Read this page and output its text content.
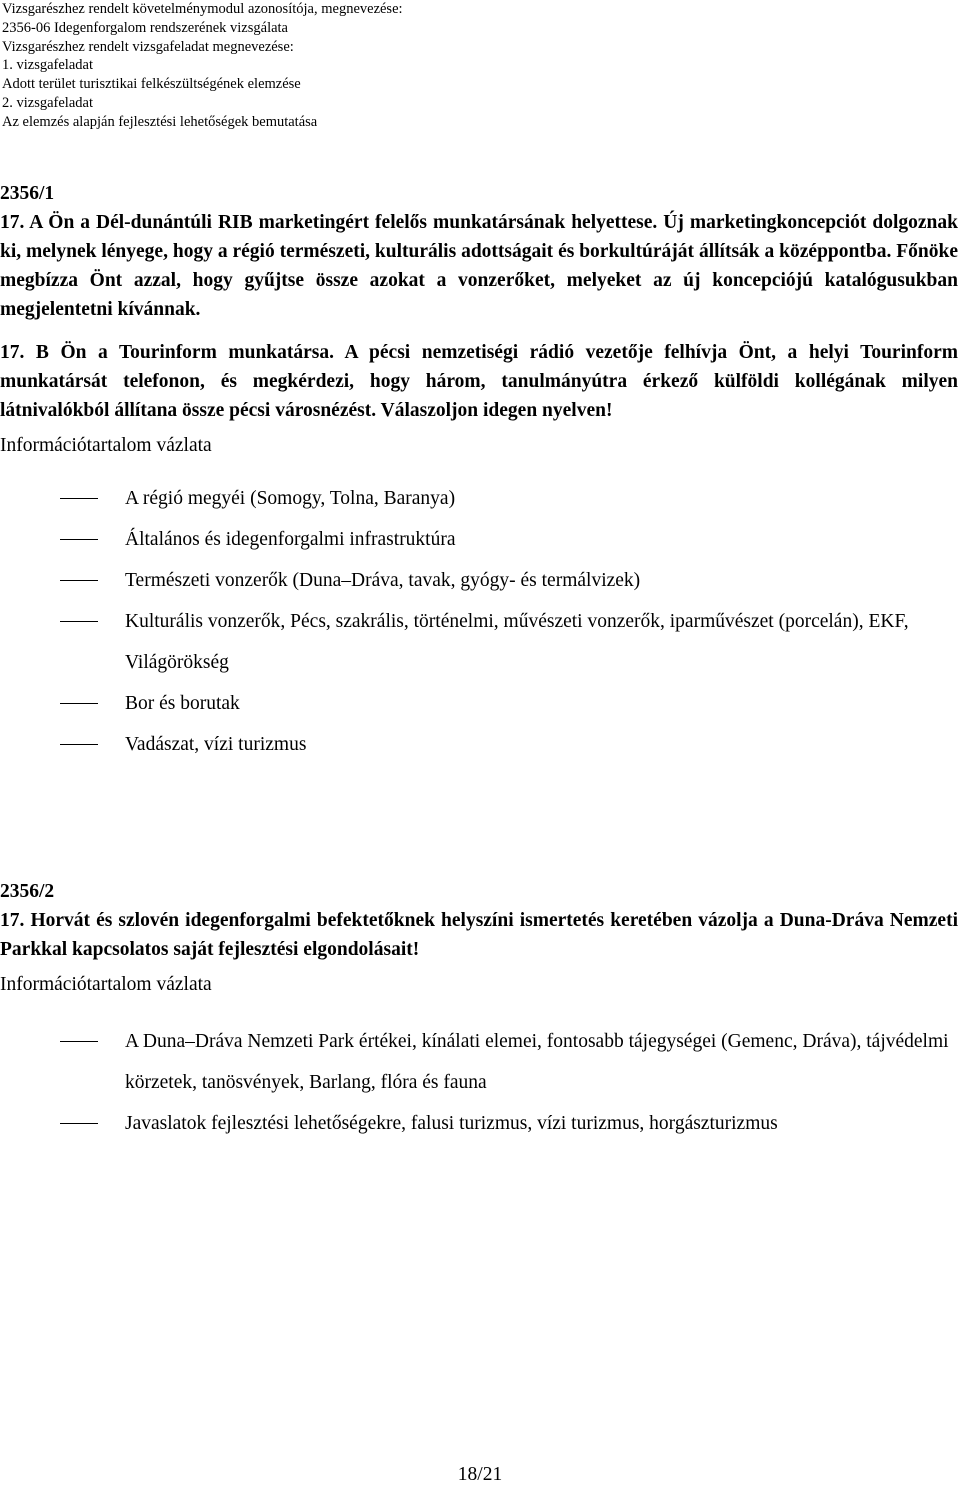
Vizsgarészhez rendelt követelménymodul azonosítója, megnevezése:
2356-06 Idegenforgalom rendszerének vizsgálata
Vizsgarészhez rendelt vizsgafeladat megnevezése:
1. vizsgafeladat
Adott terület turisztikai felkészültségének elemzése
2. vizsgafeladat
Az elemzés alapján fejlesztési lehetőségek bemutatása
2356/1

17. A Ön a Dél-dunántúli RIB marketingért felelős munkatársának helyettese. Új marketingkoncepciót dolgoznak ki, melynek lényege, hogy a régió természeti, kulturális adottságait és borkultúráját állítsák a középpontba. Főnöke megbízza Önt azzal, hogy gyűjtse össze azokat a vonzerőket, melyeket az új koncepciójú katalógusukban megjelentetni kívánnak.

17. B Ön a Tourinform munkatársa. A pécsi nemzetiségi rádió vezetője felhívja Önt, a helyi Tourinform munkatársát telefonon, és megkérdezi, hogy három, tanulmányútra érkező külföldi kollégának milyen látnivalókból állítana össze pécsi városnézést. Válaszoljon idegen nyelven!

Információtartalom vázlata
A régió megyéi (Somogy, Tolna, Baranya)
Általános és idegenforgalmi infrastruktúra
Természeti vonzerők (Duna–Dráva, tavak, gyógy- és termálvizek)
Kulturális vonzerők, Pécs, szakrális, történelmi, művészeti vonzerők, iparművészet (porcelán), EKF, Világörökség
Bor és borutak
Vadászat, vízi turizmus
2356/2

17. Horvát és szlovén idegenforgalmi befektetőknek helyszíni ismertetés keretében vázolja a Duna-Dráva Nemzeti Parkkal kapcsolatos saját fejlesztési elgondolásait!

Információtartalom vázlata
A Duna–Dráva Nemzeti Park értékei, kínálati elemei, fontosabb tájegységei (Gemenc, Dráva), tájvédelmi körzetek, tanösvények, Barlang, flóra és fauna
Javaslatok fejlesztési lehetőségekre, falusi turizmus, vízi turizmus, horgászturizmus
18/21
